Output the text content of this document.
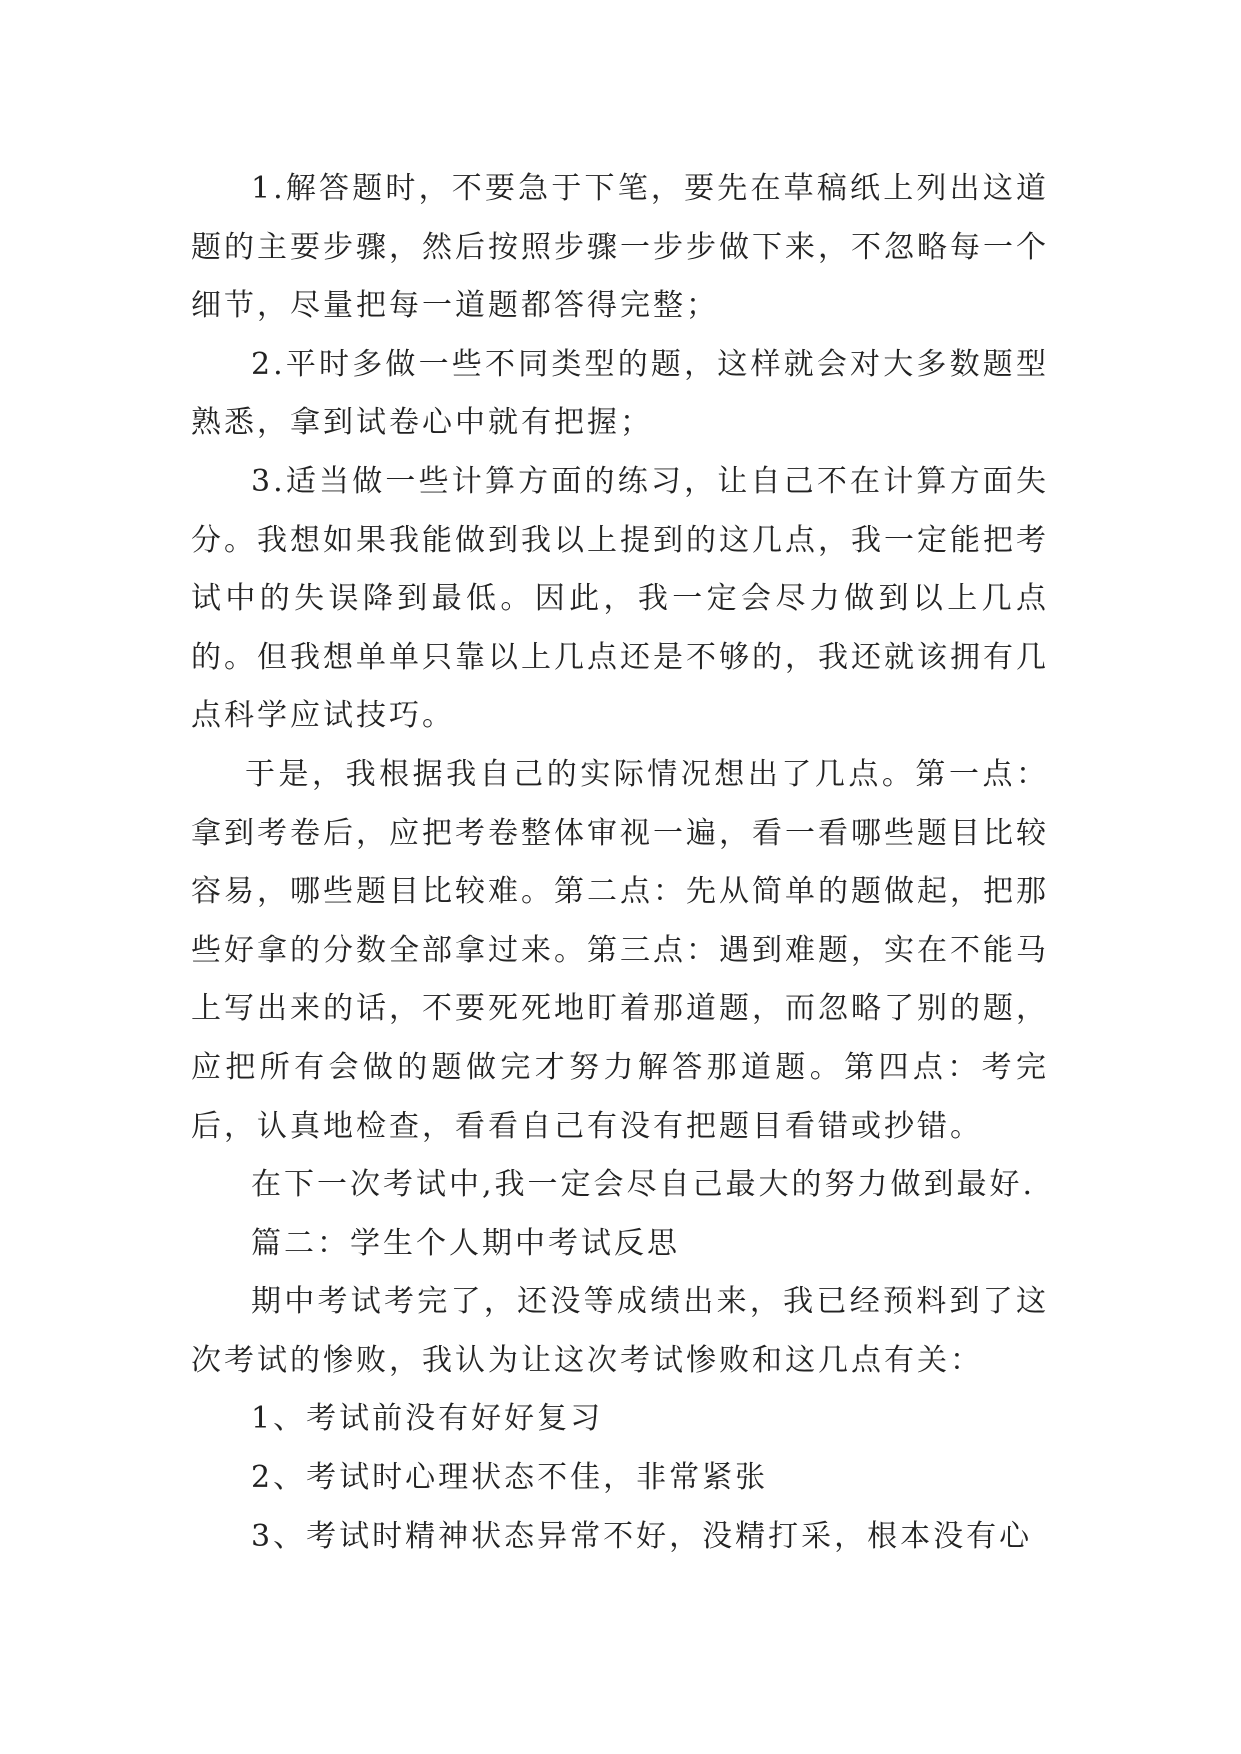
1.解答题时，不要急于下笔，要先在草稿纸上列出这道题的主要步骤，然后按照步骤一步步做下来，不忽略每一个细节，尽量把每一道题都答得完整；

2.平时多做一些不同类型的题，这样就会对大多数题型熟悉，拿到试卷心中就有把握；

3.适当做一些计算方面的练习，让自己不在计算方面失分。我想如果我能做到我以上提到的这几点，我一定能把考试中的失误降到最低。因此，我一定会尽力做到以上几点的。但我想单单只靠以上几点还是不够的，我还就该拥有几点科学应试技巧。

于是，我根据我自己的实际情况想出了几点。第一点：拿到考卷后，应把考卷整体审视一遍，看一看哪些题目比较容易，哪些题目比较难。第二点：先从简单的题做起，把那些好拿的分数全部拿过来。第三点：遇到难题，实在不能马上写出来的话，不要死死地盯着那道题，而忽略了别的题，应把所有会做的题做完才努力解答那道题。第四点：考完后，认真地检查，看看自己有没有把题目看错或抄错。

在下一次考试中,我一定会尽自己最大的努力做到最好.

篇二：学生个人期中考试反思

期中考试考完了，还没等成绩出来，我已经预料到了这次考试的惨败，我认为让这次考试惨败和这几点有关：

1、考试前没有好好复习

2、考试时心理状态不佳，非常紧张

3、考试时精神状态异常不好，没精打采，根本没有心
